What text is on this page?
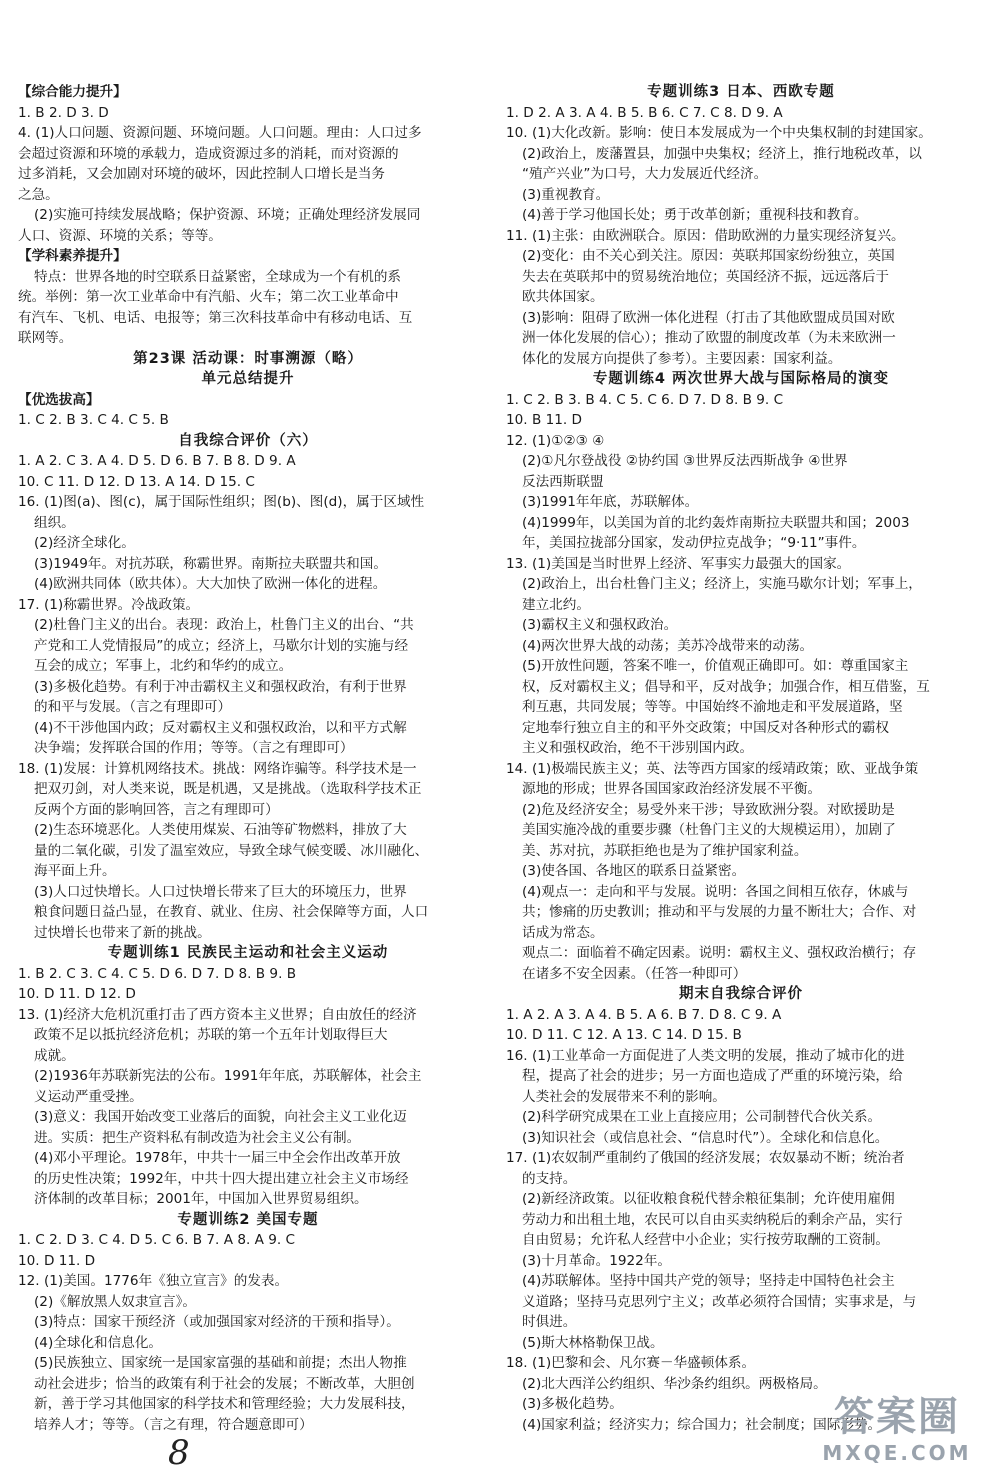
【综合能力提升】
1. B 2. D 3. D
4. (1)人口问题、资源问题、环境问题。人口问题。理由：人口过多
会超过资源和环境的承载力，造成资源过多的消耗，而对资源的
过多消耗，又会加剧对环境的破坏，因此控制人口增长是当务
之急。
(2)实施可持续发展战略；保护资源、环境；正确处理经济发展同
人口、资源、环境的关系；等等。
【学科素养提升】
特点：世界各地的时空联系日益紧密，全球成为一个有机的系
统。举例：第一次工业革命中有汽船、火车；第二次工业革命中
有汽车、飞机、电话、电报等；第三次科技革命中有移动电话、互
联网等。
第23课 活动课：时事溯源（略）
单元总结提升
【优选拔高】
1. C 2. B 3. C 4. C 5. B
自我综合评价（六）
1. A 2. C 3. A 4. D 5. D 6. B 7. B 8. D 9. A
10. C 11. D 12. D 13. A 14. D 15. C
16. (1)图(a)、图(c)，属于国际性组织；图(b)、图(d)，属于区域性
组织。
(2)经济全球化。
(3)1949年。对抗苏联，称霸世界。南斯拉夫联盟共和国。
(4)欧洲共同体（欧共体）。大大加快了欧洲一体化的进程。
17. (1)称霸世界。冷战政策。
(2)杜鲁门主义的出台。表现：政治上，杜鲁门主义的出台、“共
产党和工人党情报局”的成立；经济上，马歇尔计划的实施与经
互会的成立；军事上，北约和华约的成立。
(3)多极化趋势。有利于冲击霸权主义和强权政治，有利于世界
的和平与发展。（言之有理即可）
(4)不干涉他国内政；反对霸权主义和强权政治，以和平方式解
决争端；发挥联合国的作用；等等。（言之有理即可）
18. (1)发展：计算机网络技术。挑战：网络诈骗等。科学技术是一
把双刃剑，对人类来说，既是机遇，又是挑战。（选取科学技术正
反两个方面的影响回答，言之有理即可）
(2)生态环境恶化。人类使用煤炭、石油等矿物燃料，排放了大
量的二氧化碳，引发了温室效应，导致全球气候变暖、冰川融化、
海平面上升。
(3)人口过快增长。人口过快增长带来了巨大的环境压力，世界
粮食问题日益凸显，在教育、就业、住房、社会保障等方面，人口
过快增长也带来了新的挑战。
专题训练1 民族民主运动和社会主义运动
1. B 2. C 3. C 4. C 5. D 6. D 7. D 8. B 9. B
10. D 11. D 12. D
13. (1)经济大危机沉重打击了西方资本主义世界；自由放任的经济
政策不足以抵抗经济危机；苏联的第一个五年计划取得巨大
成就。
(2)1936年苏联新宪法的公布。1991年年底，苏联解体，社会主
义运动严重受挫。
(3)意义：我国开始改变工业落后的面貌，向社会主义工业化迈
进。实质：把生产资料私有制改造为社会主义公有制。
(4)邓小平理论。1978年，中共十一届三中全会作出改革开放
的历史性决策；1992年，中共十四大提出建立社会主义市场经
济体制的改革目标；2001年，中国加入世界贸易组织。
专题训练2 美国专题
1. C 2. D 3. C 4. D 5. C 6. B 7. A 8. A 9. C
10. D 11. D
12. (1)美国。1776年《独立宣言》的发表。
(2)《解放黑人奴隶宣言》。
(3)特点：国家干预经济（或加强国家对经济的干预和指导）。
(4)全球化和信息化。
(5)民族独立、国家统一是国家富强的基础和前提；杰出人物推
动社会进步；恰当的政策有利于社会的发展；不断改革，大胆创
新，善于学习其他国家的科学技术和管理经验；大力发展科技，
培养人才；等等。（言之有理，符合题意即可）
专题训练3 日本、西欧专题
1. D 2. A 3. A 4. B 5. B 6. C 7. C 8. D 9. A
10. (1)大化改新。影响：使日本发展成为一个中央集权制的封建国家。
(2)政治上，废藩置县，加强中央集权；经济上，推行地税改革，以
“殖产兴业”为口号，大力发展近代经济。
(3)重视教育。
(4)善于学习他国长处；勇于改革创新；重视科技和教育。
11. (1)主张：由欧洲联合。原因：借助欧洲的力量实现经济复兴。
(2)变化：由不关心到关注。原因：英联邦国家纷纷独立，英国
失去在英联邦中的贸易统治地位；英国经济不振，远远落后于
欧共体国家。
(3)影响：阻碍了欧洲一体化进程（打击了其他欧盟成员国对欧
洲一体化发展的信心）；推动了欧盟的制度改革（为未来欧洲一
体化的发展方向提供了参考）。主要因素：国家利益。
专题训练4 两次世界大战与国际格局的演变
1. C 2. B 3. B 4. C 5. C 6. D 7. D 8. B 9. C
10. B 11. D
12. (1)①②③ ④
(2)①凡尔登战役 ②协约国 ③世界反法西斯战争 ④世界
反法西斯联盟
(3)1991年年底，苏联解体。
(4)1999年，以美国为首的北约轰炸南斯拉夫联盟共和国；2003
年，美国拉拢部分国家，发动伊拉克战争；“9·11”事件。
13. (1)美国是当时世界上经济、军事实力最强大的国家。
(2)政治上，出台杜鲁门主义；经济上，实施马歇尔计划；军事上，
建立北约。
(3)霸权主义和强权政治。
(4)两次世界大战的动荡；美苏冷战带来的动荡。
(5)开放性问题，答案不唯一，价值观正确即可。如：尊重国家主
权，反对霸权主义；倡导和平，反对战争；加强合作，相互借鉴，互
利互惠，共同发展；等等。中国始终不渝地走和平发展道路，坚
定地奉行独立自主的和平外交政策；中国反对各种形式的霸权
主义和强权政治，绝不干涉别国内政。
14. (1)极端民族主义；英、法等西方国家的绥靖政策；欧、亚战争策
源地的形成；世界各国国家政治经济发展不平衡。
(2)危及经济安全；易受外来干涉；导致欧洲分裂。对欧援助是
美国实施冷战的重要步骤（杜鲁门主义的大规模运用），加剧了
美、苏对抗，苏联拒绝也是为了维护国家利益。
(3)使各国、各地区的联系日益紧密。
(4)观点一：走向和平与发展。说明：各国之间相互依存，休戚与
共；惨痛的历史教训；推动和平与发展的力量不断壮大；合作、对
话成为常态。
观点二：面临着不确定因素。说明：霸权主义、强权政治横行；存
在诸多不安全因素。（任答一种即可）
期末自我综合评价
1. A 2. A 3. A 4. B 5. A 6. B 7. D 8. C 9. A
10. D 11. C 12. A 13. C 14. D 15. B
16. (1)工业革命一方面促进了人类文明的发展，推动了城市化的进
程，提高了社会的进步；另一方面也造成了严重的环境污染，给
人类社会的发展带来不利的影响。
(2)科学研究成果在工业上直接应用；公司制替代合伙关系。
(3)知识社会（或信息社会、“信息时代”）。全球化和信息化。
17. (1)农奴制严重制约了俄国的经济发展；农奴暴动不断；统治者
的支持。
(2)新经济政策。以征收粮食税代替余粮征集制；允许使用雇佣
劳动力和出租土地，农民可以自由买卖纳税后的剩余产品，实行
自由贸易；允许私人经营中小企业；实行按劳取酬的工资制。
(3)十月革命。1922年。
(4)苏联解体。坚持中国共产党的领导；坚持走中国特色社会主
义道路；坚持马克思列宁主义；改革必须符合国情；实事求是，与
时俱进。
(5)斯大林格勒保卫战。
18. (1)巴黎和会、凡尔赛－华盛顿体系。
(2)北大西洋公约组织、华沙条约组织。两极格局。
(3)多极化趋势。
(4)国家利益；经济实力；综合国力；社会制度；国际形势。
8
答案圈
MXQE.COM
